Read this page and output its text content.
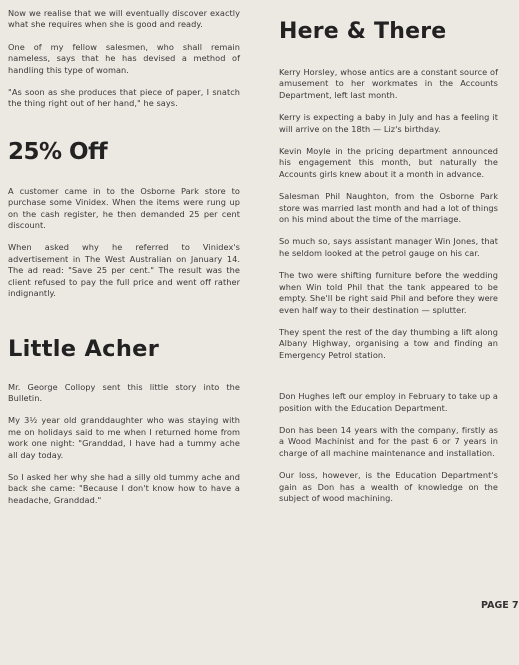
Now we realise that we will eventually discover exactly what she requires when she is good and ready.

One of my fellow salesmen, who shall remain nameless, says that he has devised a method of handling this type of woman.

"As soon as she produces that piece of paper, I snatch the thing right out of her hand," he says.

25% Off

A customer came in to the Osborne Park store to purchase some Vinidex. When the items were rung up on the cash register, he then demanded 25 per cent discount.

When asked why he referred to Vinidex's advertisement in The West Australian on January 14. The ad read: "Save 25 per cent." The result was the client refused to pay the full price and went off rather indignantly.

Little Acher

Mr. George Collopy sent this little story into the Bulletin.

My 3½ year old granddaughter who was staying with me on holidays said to me when I returned home from work one night: "Granddad, I have had a tummy ache all day today.

So I asked her why she had a silly old tummy ache and back she came: "Because I don't know how to have a headache, Granddad."

Here & There

Kerry Horsley, whose antics are a constant source of amusement to her workmates in the Accounts Department, left last month.

Kerry is expecting a baby in July and has a feeling it will arrive on the 18th — Liz's birthday.

Kevin Moyle in the pricing department announced his engagement this month, but naturally the Accounts girls knew about it a month in advance.

Salesman Phil Naughton, from the Osborne Park store was married last month and had a lot of things on his mind about the time of the marriage.

So much so, says assistant manager Win Jones, that he seldom looked at the petrol gauge on his car.

The two were shifting furniture before the wedding when Win told Phil that the tank appeared to be empty. She'll be right said Phil and before they were even half way to their destination — splutter.

They spent the rest of the day thumbing a lift along Albany Highway, organising a tow and finding an Emergency Petrol station.

Don Hughes left our employ in February to take up a position with the Education Department.

Don has been 14 years with the company, firstly as a Wood Machinist and for the past 6 or 7 years in charge of all machine maintenance and installation.

Our loss, however, is the Education Department's gain as Don has a wealth of knowledge on the subject of wood machining.

PAGE 7
